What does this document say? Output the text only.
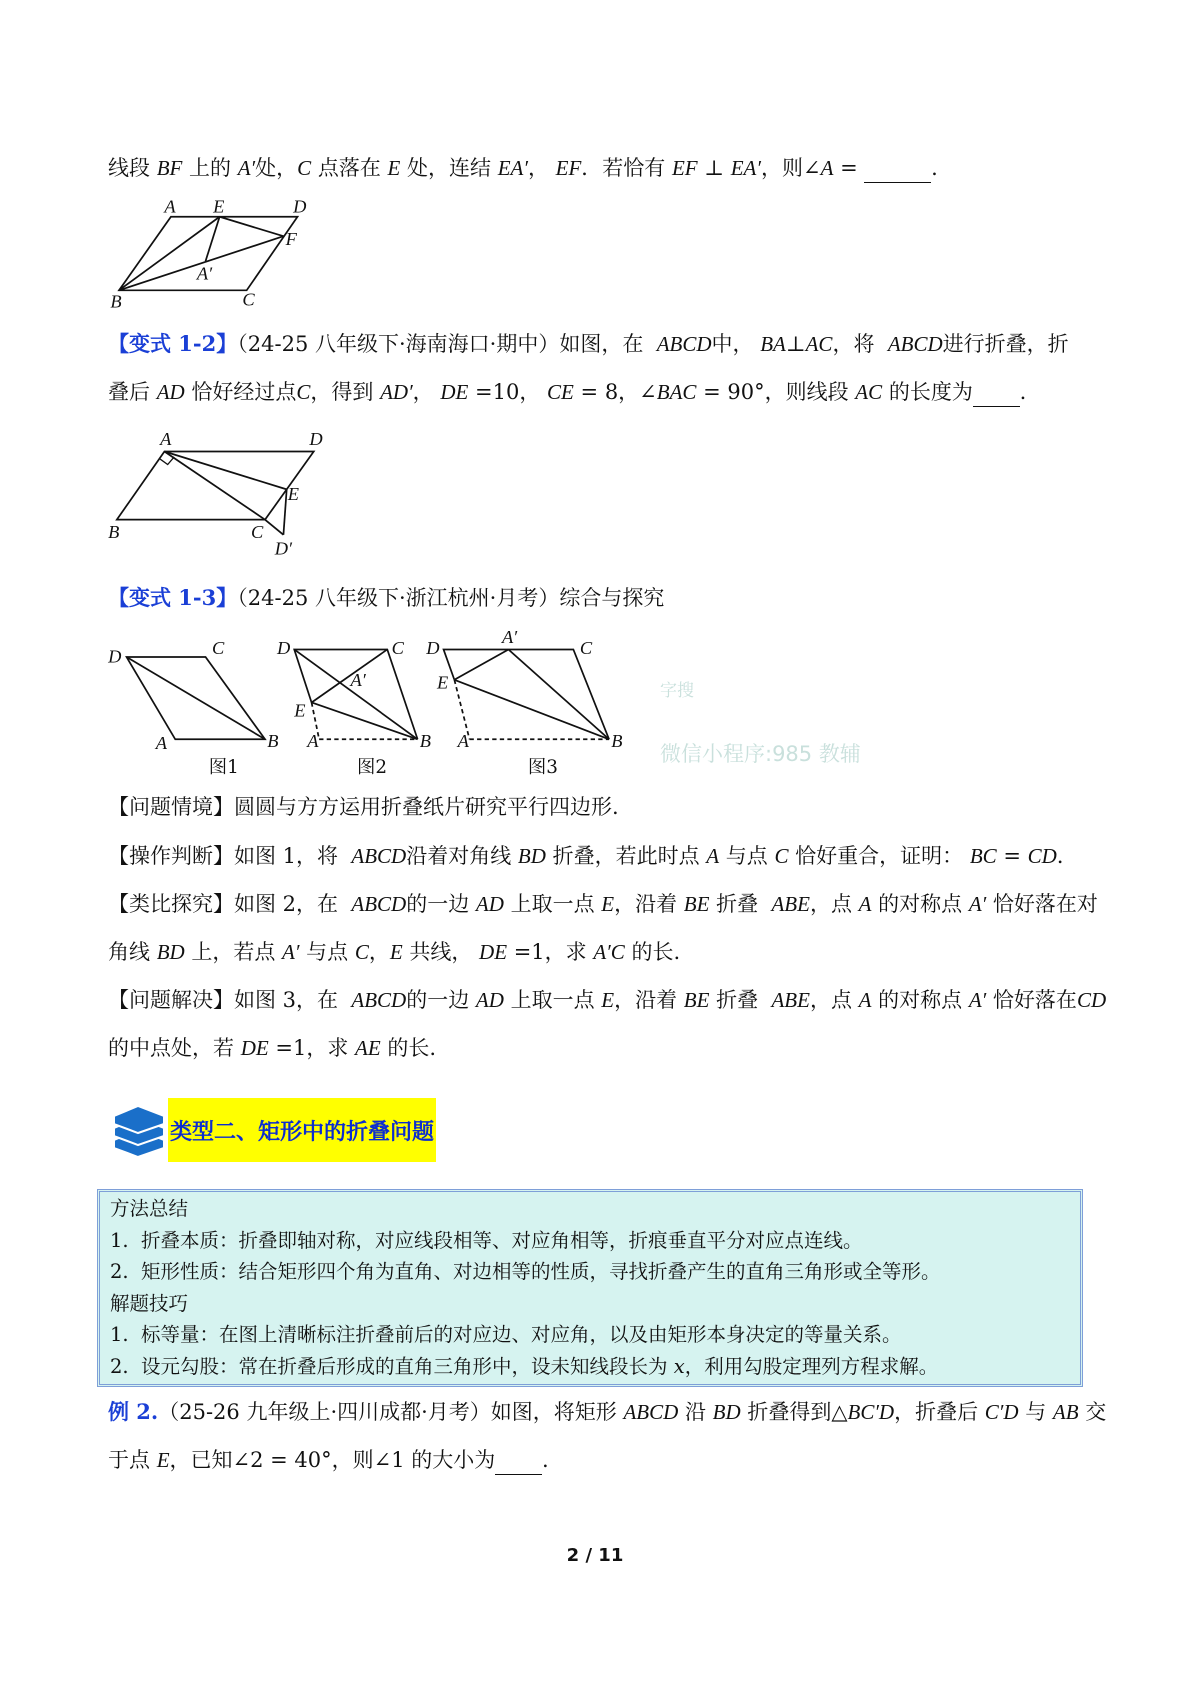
字搜
微信小程序:985 教辅
线段 BF 上的 A′处，C 点落在 E 处，连结 EA′， EF．若恰有 EF ⊥ EA′，则∠A =	.
【变式 1-2】（24-25 八年级下·海南海口·期中）如图，在  ABCD中， BA⊥AC，将  ABCD进行折叠，折
叠后 AD 恰好经过点C，得到 AD′， DE =10， CE = 8，∠BAC = 90°，则线段 AC 的长度为 .
【变式 1-3】（24-25 八年级下·浙江杭州·月考）综合与探究
【问题情境】圆圆与方方运用折叠纸片研究平行四边形.
【操作判断】如图 1，将  ABCD沿着对角线 BD 折叠，若此时点 A 与点 C 恰好重合，证明： BC = CD．
【类比探究】如图 2，在  ABCD的一边 AD 上取一点 E，沿着 BE 折叠  ABE，点 A 的对称点 A′ 恰好落在对
角线 BD 上，若点 A′ 与点 C，E 共线， DE =1，求 A′C 的长.
【问题解决】如图 3，在  ABCD的一边 AD 上取一点 E，沿着 BE 折叠  ABE，点 A 的对称点 A′ 恰好落在CD
的中点处，若 DE =1，求 AE 的长.
例 2.（25-26 九年级上·四川成都·月考）如图，将矩形 ABCD 沿 BD 折叠得到△BC′D，折叠后 C′D 与 AB 交
于点 E，已知∠2 = 40°，则∠1 的大小为 .
A E	D
F
A′
B	C
A	D
E
B	C
D′
D	C
A	B
图1
D	C
A′
E
A	B
图2
D
A′
C
E
A	B
图3
类型二、矩形中的折叠问题
方法总结
1.  折叠本质：折叠即轴对称，对应线段相等、对应角相等，折痕垂直平分对应点连线。
2.  矩形性质：结合矩形四个角为直角、对边相等的性质，寻找折叠产生的直角三角形或全等形。
解题技巧
1.  标等量：在图上清晰标注折叠前后的对应边、对应角，以及由矩形本身决定的等量关系。
2.  设元勾股：常在折叠后形成的直角三角形中，设未知线段长为 x，利用勾股定理列方程求解。
2 / 11
